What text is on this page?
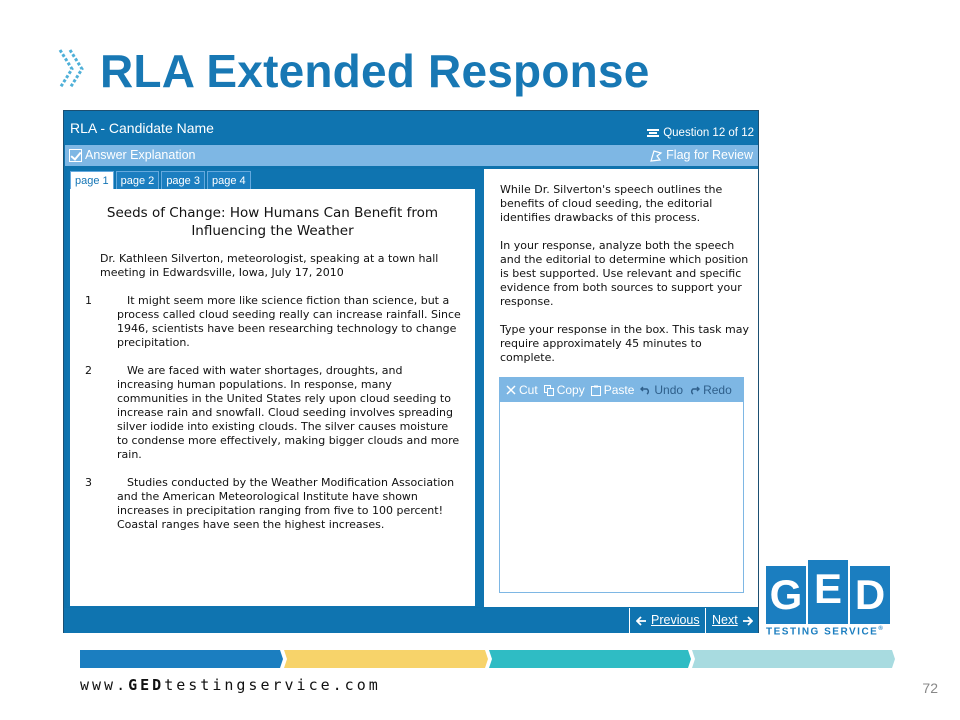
RLA Extended Response
RLA - Candidate Name	Question 12 of 12
Answer Explanation	Flag for Review
page 1	page 2	page 3	page 4
Seeds of Change: How Humans Can Benefit from Influencing the Weather
Dr. Kathleen Silverton, meteorologist, speaking at a town hall meeting in Edwardsville, Iowa, July 17, 2010
1	It might seem more like science fiction than science, but a process called cloud seeding really can increase rainfall. Since 1946, scientists have been researching technology to change precipitation.
2	We are faced with water shortages, droughts, and increasing human populations. In response, many communities in the United States rely upon cloud seeding to increase rain and snowfall. Cloud seeding involves spreading silver iodide into existing clouds. The silver causes moisture to condense more effectively, making bigger clouds and more rain.
3	Studies conducted by the Weather Modification Association and the American Meteorological Institute have shown increases in precipitation ranging from five to 100 percent! Coastal ranges have seen the highest increases.

While Dr. Silverton's speech outlines the benefits of cloud seeding, the editorial identifies drawbacks of this process.

In your response, analyze both the speech and the editorial to determine which position is best supported. Use relevant and specific evidence from both sources to support your response.

Type your response in the box. This task may require approximately 45 minutes to complete.

Cut Copy Paste Undo Redo
Previous Next
G E D
TESTING SERVICE®
www.GEDtestingservice.com	72
